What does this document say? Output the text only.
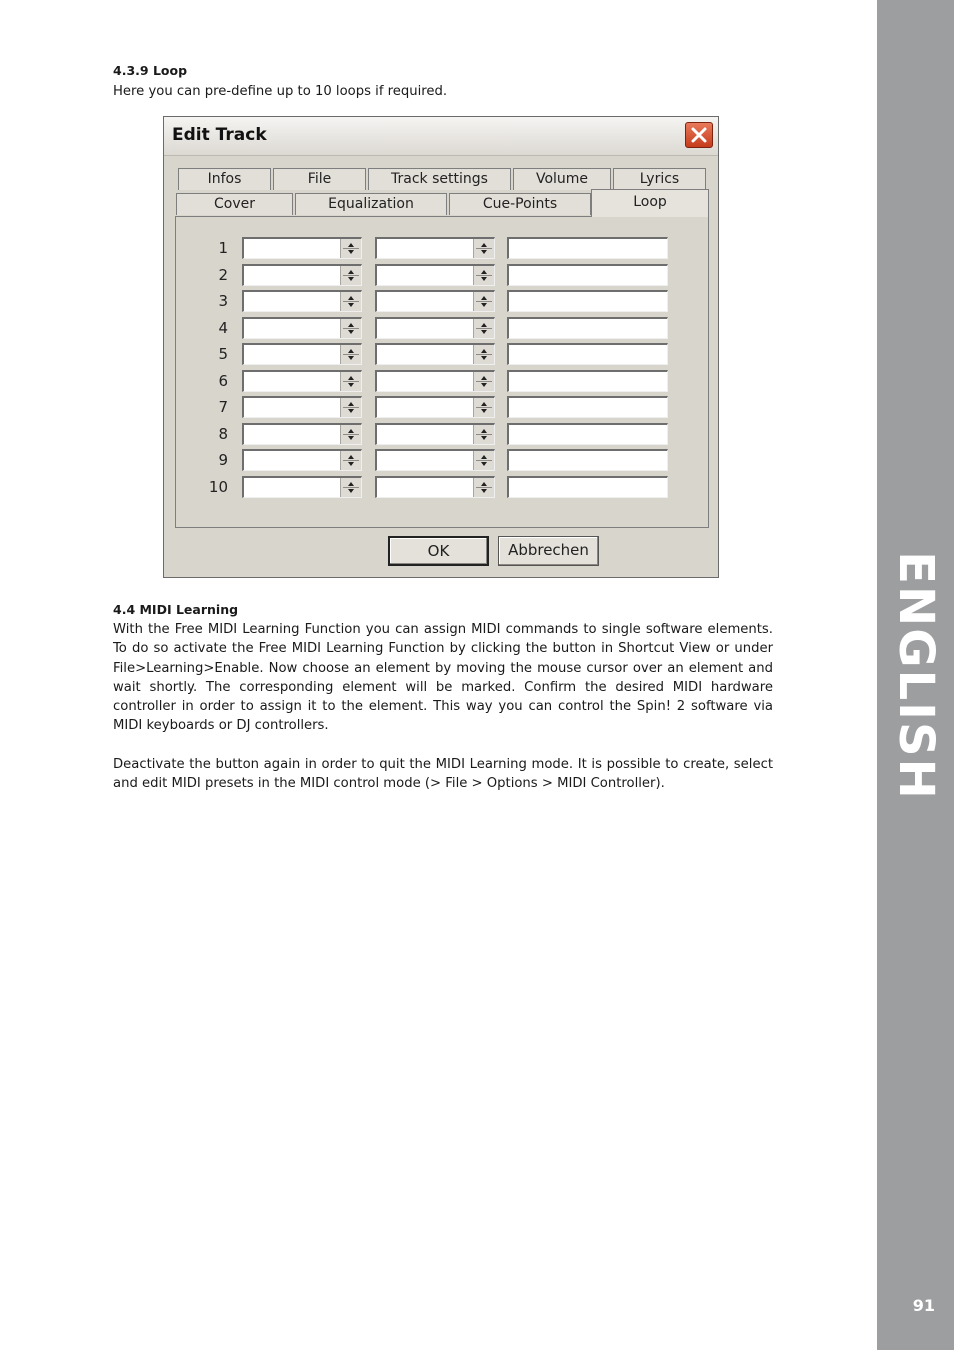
ENGLISH
91
4.3.9 Loop
Here you can pre-define up to 10 loops if required.
Edit Track
Infos	File	Track settings	Volume	Lyrics
Cover	Equalization	Cue-Points	Loop
1
2
3
4
5
6
7
8
9
10
OK	Abbrechen
4.4 MIDI Learning
With the Free MIDI Learning Function you can assign MIDI commands to single software elements. To do so activate the Free MIDI Learning Function by clicking the button in Shortcut View or under File>Learning>Enable. Now choose an element by moving the mouse cursor over an element and wait shortly. The corresponding element will be marked. Confirm the desired MIDI hardware controller in order to assign it to the element. This way you can control the Spin! 2 software via MIDI keyboards or DJ controllers.
Deactivate the button again in order to quit the MIDI Learning mode. It is possible to create, select and edit MIDI presets in the MIDI control mode (> File > Options > MIDI Controller).
